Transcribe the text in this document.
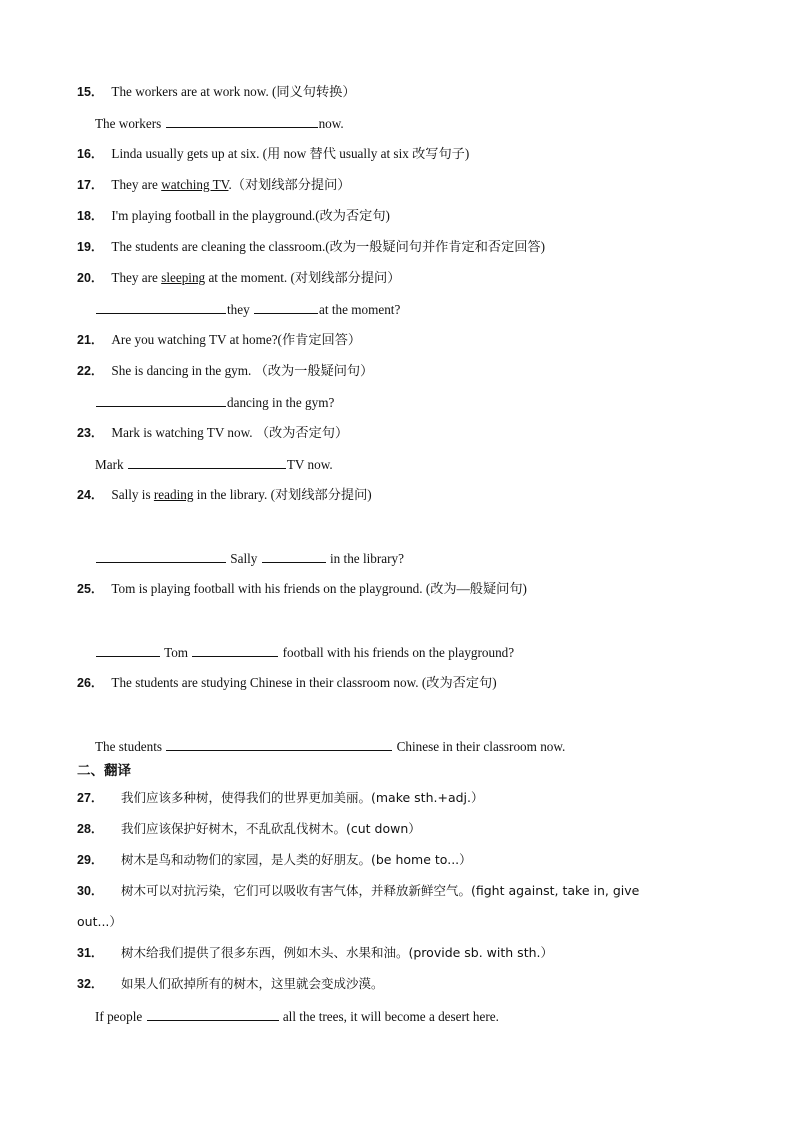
15． The workers are at work now. (同义句转换）
The workers	now.
16． Linda usually gets up at six. (用 now 替代 usually at six 改写句子)
17． They are watching TV.（对划线部分提问）
18． I'm playing football in the playground.(改为否定句)
19． The students are cleaning the classroom.(改为一般疑问句并作肯定和否定回答)
20． They are sleeping at the moment. (对划线部分提问）
they	at the moment?
21． Are you watching TV at home?(作肯定回答）
22． She is dancing in the gym. （改为一般疑问句）
dancing in the gym?
23． Mark is watching TV now. （改为否定句）
Mark	TV now.
24． Sally is reading in the library. (对划线部分提问)
Sally	in the library?
25． Tom is playing football with his friends on the playground. (改为—般疑问句)
Tom	football with his friends on the playground?
26． The students are studying Chinese in their classroom now. (改为否定句)
The students	Chinese in their classroom now.
二、翻译
27． 我们应该多种树，使得我们的世界更加美丽。(make sth.+adj.）
28． 我们应该保护好树木，不乱砍乱伐树木。(cut down）
29． 树木是鸟和动物们的家园，是人类的好朋友。(be home to...）
30． 树木可以对抗污染，它们可以吸收有害气体，并释放新鲜空气。(fight against, take in, give
out...）
31． 树木给我们提供了很多东西，例如木头、水果和油。(provide sb. with sth.）
32． 如果人们砍掉所有的树木，这里就会变成沙漠。
If people	all the trees, it will become a desert here.
